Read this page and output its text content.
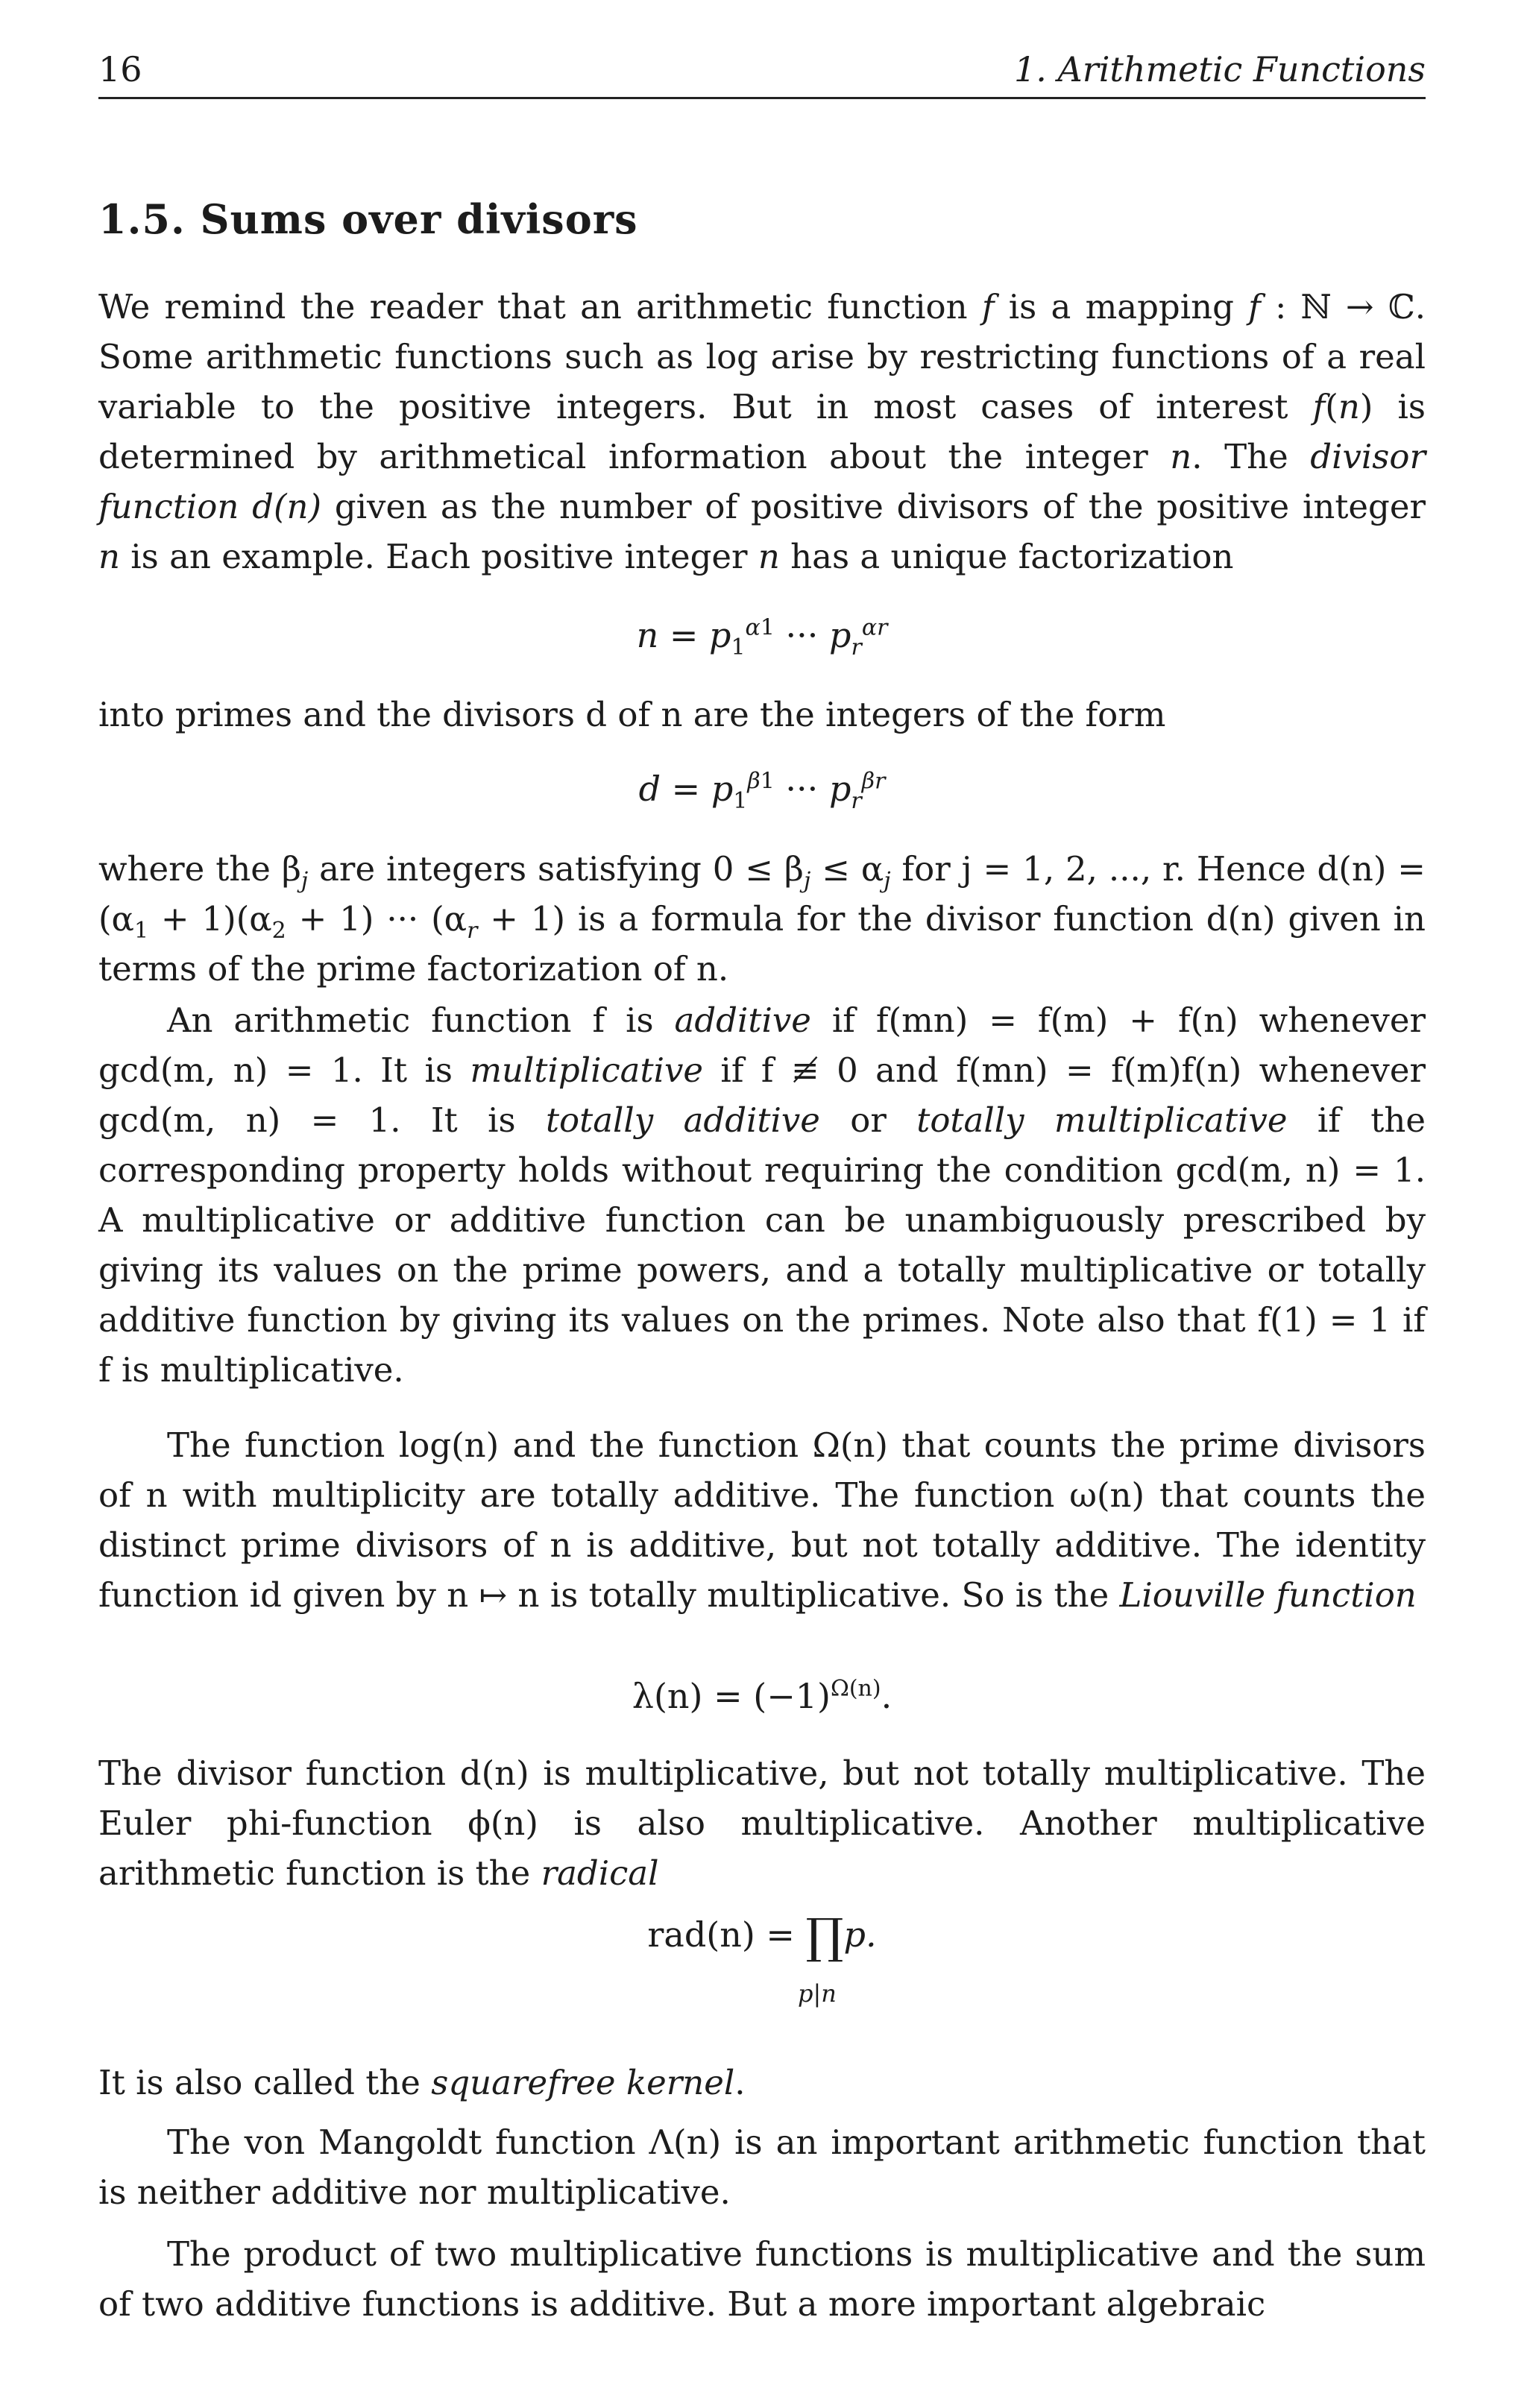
16	1. Arithmetic Functions
1.5. Sums over divisors
We remind the reader that an arithmetic function f is a mapping f : ℕ → ℂ. Some arithmetic functions such as log arise by restricting functions of a real variable to the positive integers. But in most cases of interest f(n) is determined by arithmetical information about the integer n. The divisor function d(n) given as the number of positive divisors of the positive integer n is an example. Each positive integer n has a unique factorization
$n = p_1^{\alpha 1}$ ··· $p_r^{\alpha r}$
into primes and the divisors d of n are the integers of the form
$d = p_1^{\beta 1}$ ··· $p_r^{\beta r}$
where the $\beta_j$ are integers satisfying $0 \le \beta_j \le \alpha_j$ for j = 1, 2, ..., r. Hence $d(n) = (\alpha_1 + 1)(\alpha_2 + 1)$ ··· $(\alpha_r + 1)$ is a formula for the divisor function d(n) given in terms of the prime factorization of n.
An arithmetic function f is additive if f(mn) = f(m) + f(n) whenever gcd(m, n) = 1. It is multiplicative if f ≢ 0 and f(mn) = f(m)f(n) whenever gcd(m, n) = 1. It is totally additive or totally multiplicative if the corresponding property holds without requiring the condition gcd(m, n) = 1. A multiplicative or additive function can be unambiguously prescribed by giving its values on the prime powers, and a totally multiplicative or totally additive function by giving its values on the primes. Note also that f(1) = 1 if f is multiplicative.
The function log(n) and the function Ω(n) that counts the prime divisors of n with multiplicity are totally additive. The function ω(n) that counts the distinct prime divisors of n is additive, but not totally additive. The identity function id given by n ↦ n is totally multiplicative. So is the Liouville function
$\lambda(n) = (-1)^{\Omega(n)}$.
The divisor function d(n) is multiplicative, but not totally multiplicative. The Euler phi-function ϕ(n) is also multiplicative. Another multiplicative arithmetic function is the radical
rad(n) = ∏p.
p|n
It is also called the squarefree kernel.
The von Mangoldt function Λ(n) is an important arithmetic function that is neither additive nor multiplicative.
The product of two multiplicative functions is multiplicative and the sum of two additive functions is additive. But a more important algebraic
